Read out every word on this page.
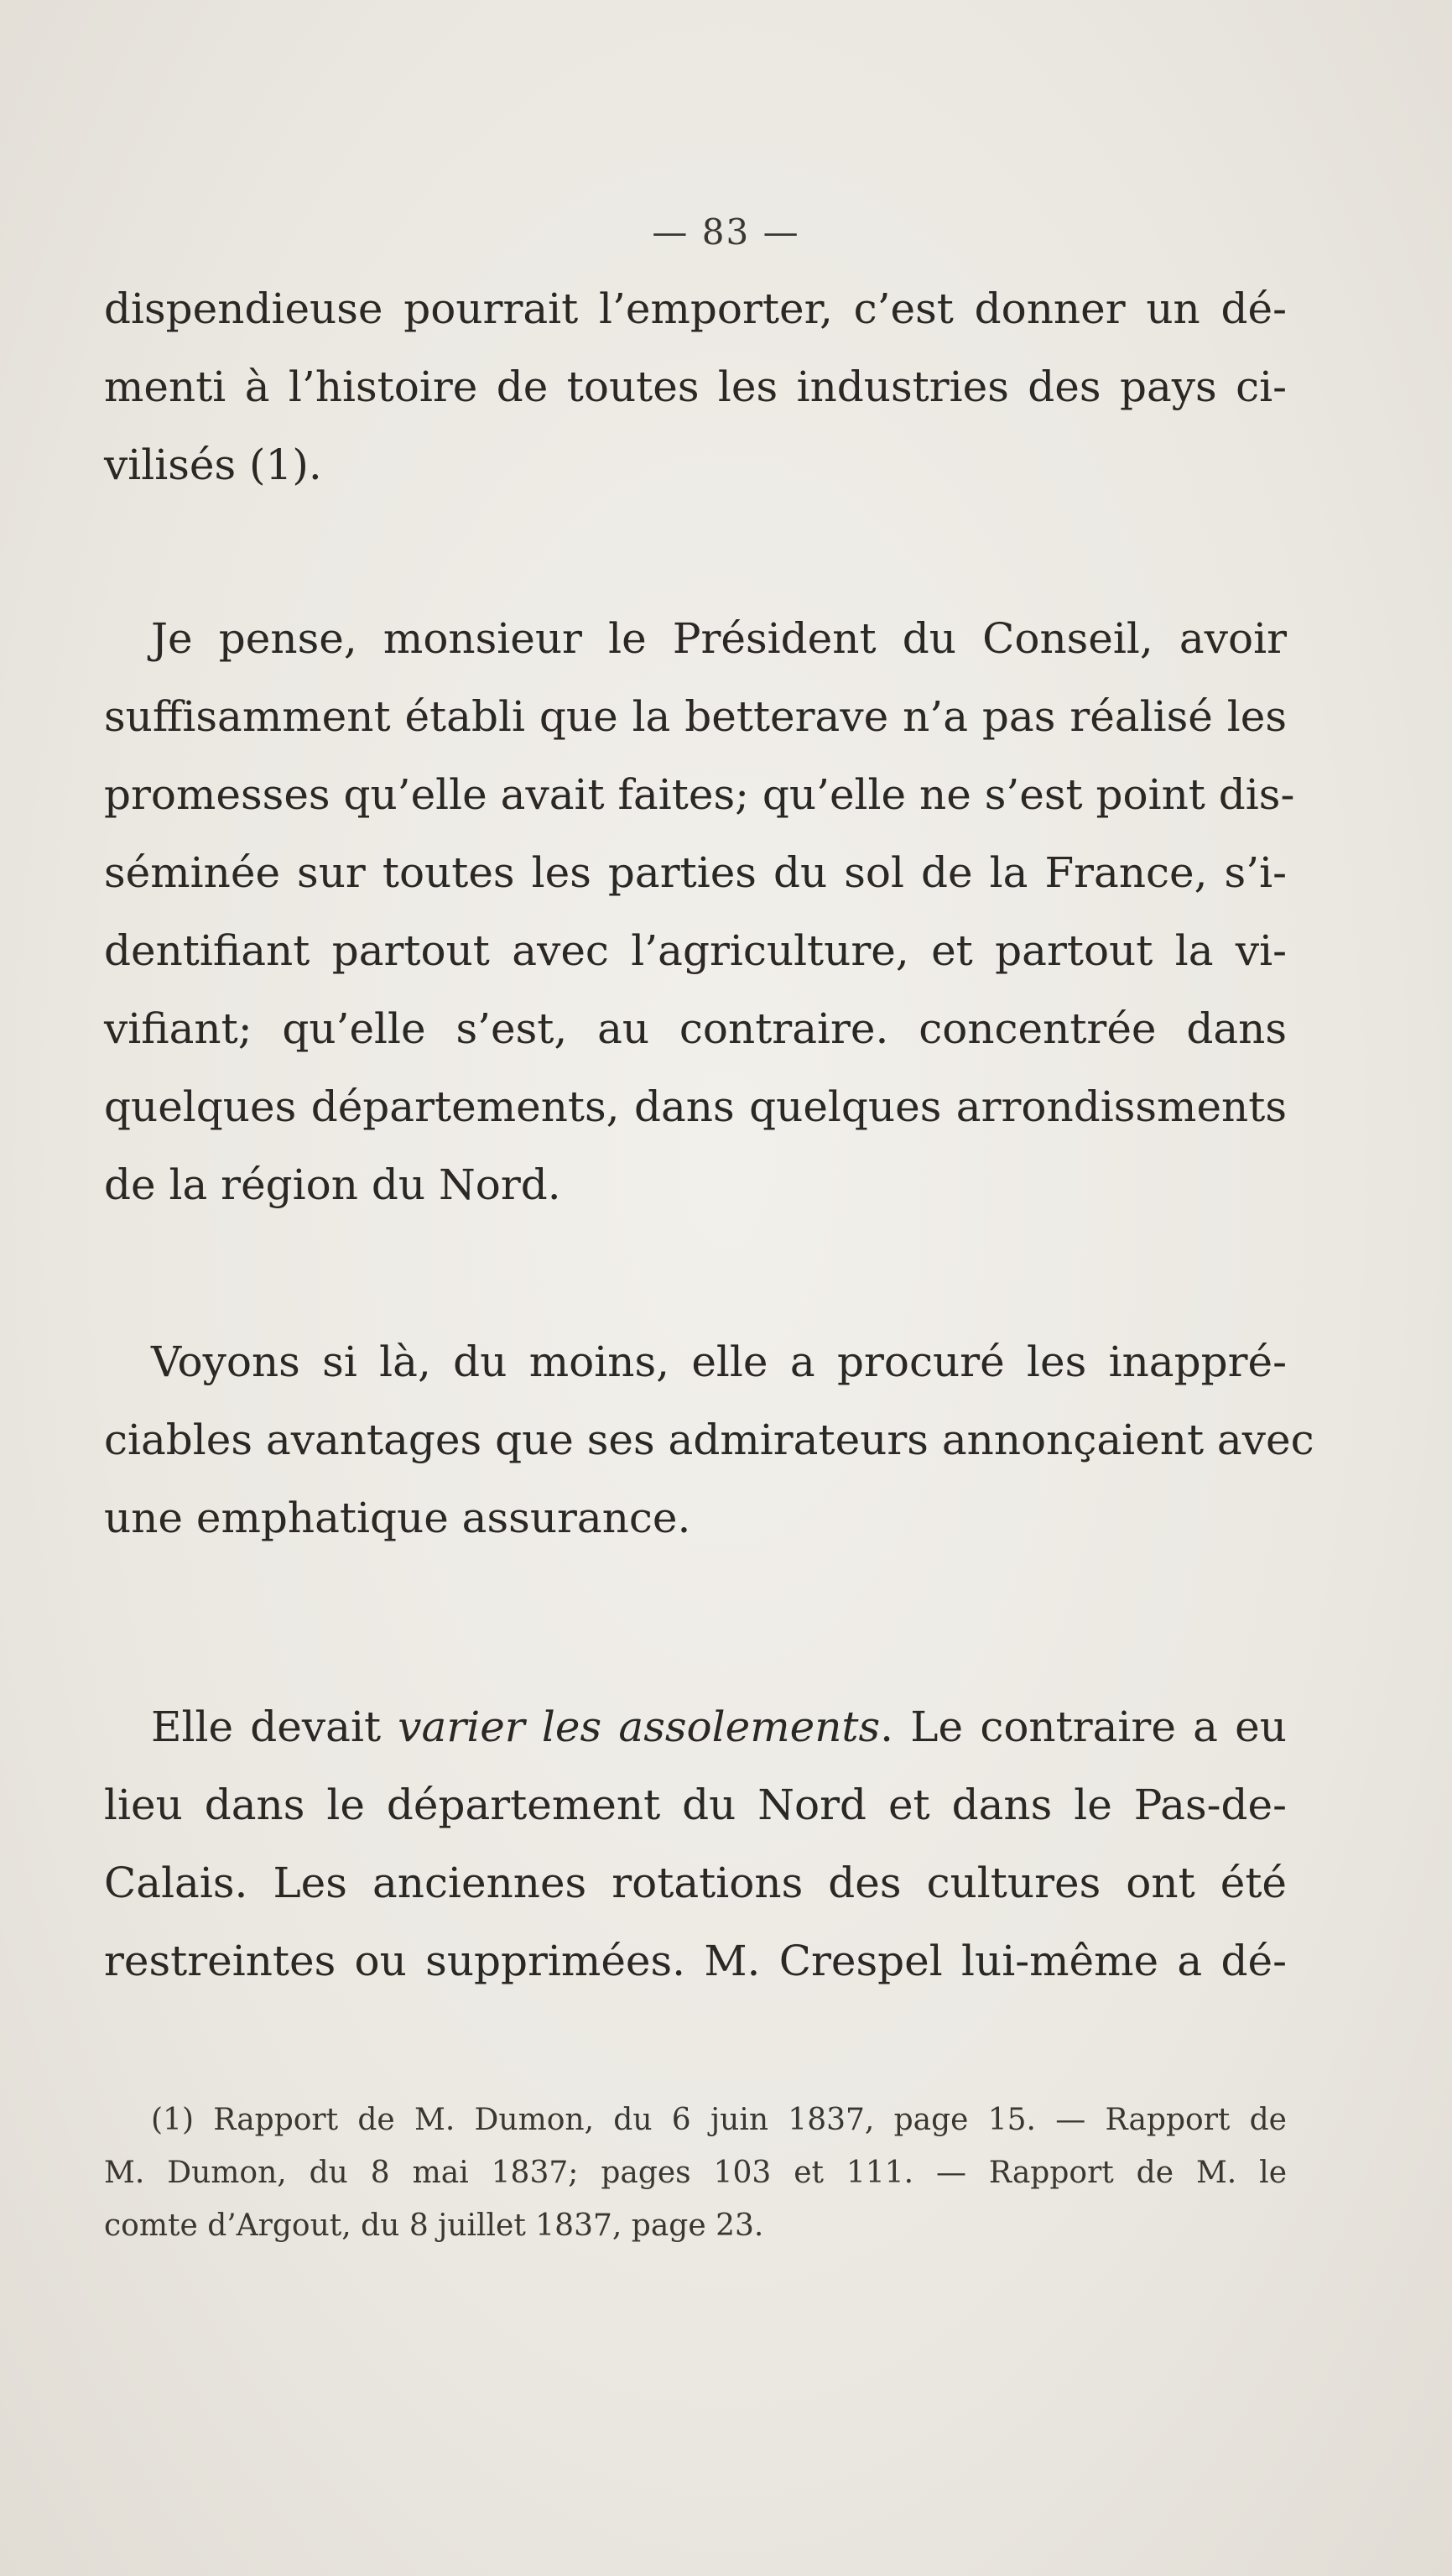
— 83 —
dispendieuse pourrait l’emporter, c’est donner un dé-
menti à l’histoire de toutes les industries des pays ci-
vilisés (1).
Je pense, monsieur le Président du Conseil, avoir
suffisamment établi que la betterave n’a pas réalisé les
promesses qu’elle avait faites; qu’elle ne s’est point dis-
séminée sur toutes les parties du sol de la France, s’i-
dentifiant partout avec l’agriculture, et partout la vi-
vifiant; qu’elle s’est, au contraire. concentrée dans
quelques départements, dans quelques arrondissments
de la région du Nord.
Voyons si là, du moins, elle a procuré les inappré-
ciables avantages que ses admirateurs annonçaient avec
une emphatique assurance.
Elle devait varier les assolements. Le contraire a eu
lieu dans le département du Nord et dans le Pas-de-
Calais. Les anciennes rotations des cultures ont été
restreintes ou supprimées. M. Crespel lui-même a dé-
(1) Rapport de M. Dumon, du 6 juin 1837, page 15. — Rapport de
M. Dumon, du 8 mai 1837; pages 103 et 111. — Rapport de M. le
comte d’Argout, du 8 juillet 1837, page 23.
